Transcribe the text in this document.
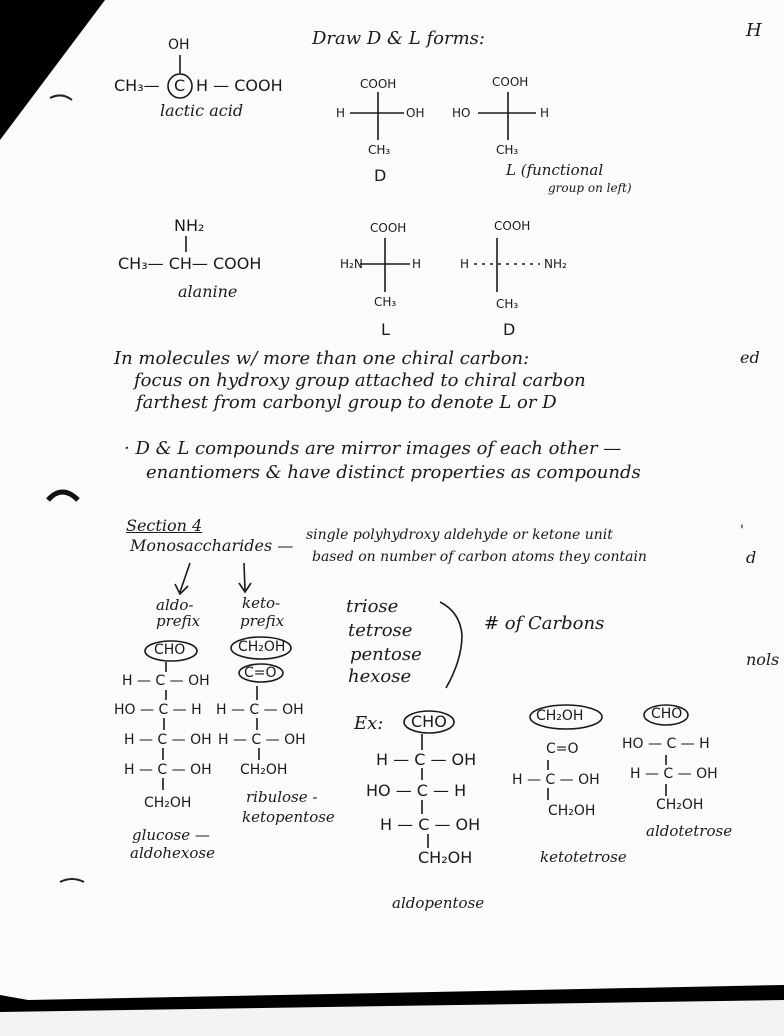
Draw D & L forms:	H
OH
CH₃— C H — COOH
lactic acid
COOH
H	OH
CH₃
D
COOH
HO	H
CH₃
L (functional
group on left)
NH₂
CH₃— CH— COOH
alanine
COOH
H₂N	H
CH₃
L
COOH
H	NH₂
CH₃
D
In molecules w/ more than one chiral carbon:
focus on hydroxy group attached to chiral carbon
farthest from carbonyl group to denote L or D
· D & L compounds are mirror images of each other —
enantiomers & have distinct properties as compounds
ed
'
d
nols
Section 4
Monosaccharides —
single polyhydroxy aldehyde or ketone unit
based on number of carbon atoms they contain
aldo-
prefix
keto-
prefix
triose
tetrose
pentose
hexose
# of Carbons
CHO
H — C — OH
HO — C — H
H — C — OH
H — C — OH
CH₂OH
glucose —
aldohexose
CH₂OH
C=O
H — C — OH
H — C — OH
CH₂OH
ribulose -
ketopentose
Ex: CHO
H — C — OH
HO — C — H
H — C — OH
CH₂OH
aldopentose
CH₂OH
C=O
H — C — OH
CH₂OH
ketotetrose
CHO
HO — C — H
H — C — OH
CH₂OH
aldotetrose
